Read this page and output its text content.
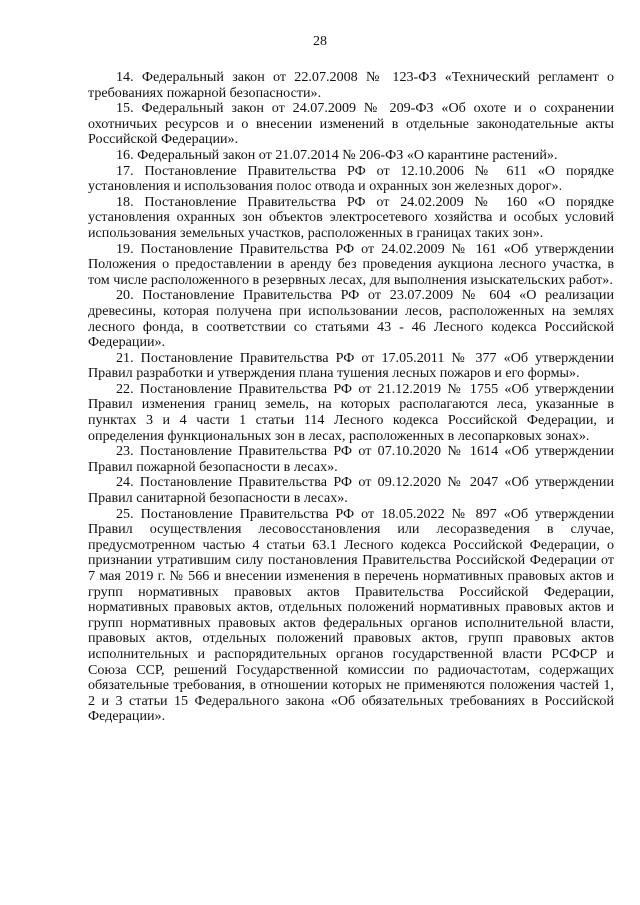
28

14. Федеральный закон от 22.07.2008 № 123-ФЗ «Технический регламент о требованиях пожарной безопасности».

15. Федеральный закон от 24.07.2009 № 209-ФЗ «Об охоте и о сохранении охотничьих ресурсов и о внесении изменений в отдельные законодательные акты Российской Федерации».

16. Федеральный закон от 21.07.2014 № 206-ФЗ «О карантине растений».

17. Постановление Правительства РФ от 12.10.2006 № 611 «О порядке установления и использования полос отвода и охранных зон железных дорог».

18. Постановление Правительства РФ от 24.02.2009 № 160 «О порядке установления охранных зон объектов электросетевого хозяйства и особых условий использования земельных участков, расположенных в границах таких зон».

19. Постановление Правительства РФ от 24.02.2009 № 161 «Об утверждении Положения о предоставлении в аренду без проведения аукциона лесного участка, в том числе расположенного в резервных лесах, для выполнения изыскательских работ».

20. Постановление Правительства РФ от 23.07.2009 № 604 «О реализации древесины, которая получена при использовании лесов, расположенных на землях лесного фонда, в соответствии со статьями 43 - 46 Лесного кодекса Российской Федерации».

21. Постановление Правительства РФ от 17.05.2011 № 377 «Об утверждении Правил разработки и утверждения плана тушения лесных пожаров и его формы».

22. Постановление Правительства РФ от 21.12.2019 № 1755 «Об утверждении Правил изменения границ земель, на которых располагаются леса, указанные в пунктах 3 и 4 части 1 статьи 114 Лесного кодекса Российской Федерации, и определения функциональных зон в лесах, расположенных в лесопарковых зонах».

23. Постановление Правительства РФ от 07.10.2020 № 1614 «Об утверждении Правил пожарной безопасности в лесах».

24. Постановление Правительства РФ от 09.12.2020 № 2047 «Об утверждении Правил санитарной безопасности в лесах».

25. Постановление Правительства РФ от 18.05.2022 № 897 «Об утверждении Правил осуществления лесовосстановления или лесоразведения в случае, предусмотренном частью 4 статьи 63.1 Лесного кодекса Российской Федерации, о признании утратившим силу постановления Правительства Российской Федерации от 7 мая 2019 г. № 566 и внесении изменения в перечень нормативных правовых актов и групп нормативных правовых актов Правительства Российской Федерации, нормативных правовых актов, отдельных положений нормативных правовых актов и групп нормативных правовых актов федеральных органов исполнительной власти, правовых актов, отдельных положений правовых актов, групп правовых актов исполнительных и распорядительных органов государственной власти РСФСР и Союза ССР, решений Государственной комиссии по радиочастотам, содержащих обязательные требования, в отношении которых не применяются положения частей 1, 2 и 3 статьи 15 Федерального закона «Об обязательных требованиях в Российской Федерации».
